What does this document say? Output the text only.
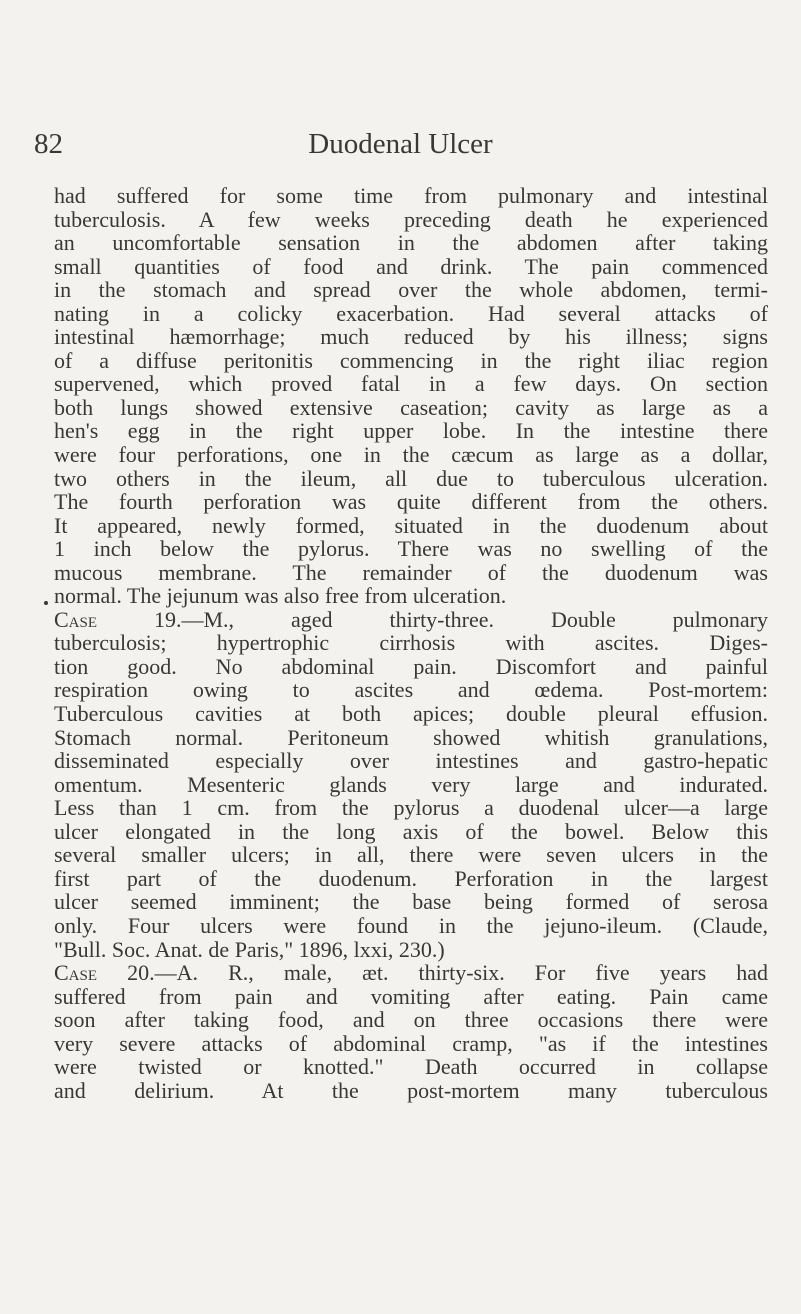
82	Duodenal Ulcer
had suffered for some time from pulmonary and intestinal
tuberculosis. A few weeks preceding death he experienced
an uncomfortable sensation in the abdomen after taking
small quantities of food and drink. The pain commenced
in the stomach and spread over the whole abdomen, termi-
nating in a colicky exacerbation. Had several attacks of
intestinal hæmorrhage; much reduced by his illness; signs
of a diffuse peritonitis commencing in the right iliac region
supervened, which proved fatal in a few days. On section
both lungs showed extensive caseation; cavity as large as a
hen's egg in the right upper lobe. In the intestine there
were four perforations, one in the cæcum as large as a dollar,
two others in the ileum, all due to tuberculous ulceration.
The fourth perforation was quite different from the others.
It appeared, newly formed, situated in the duodenum about
1 inch below the pylorus. There was no swelling of the
mucous membrane. The remainder of the duodenum was
normal. The jejunum was also free from ulceration.
Case 19.—M., aged thirty-three. Double pulmonary
tuberculosis; hypertrophic cirrhosis with ascites. Diges-
tion good. No abdominal pain. Discomfort and painful
respiration owing to ascites and œdema. Post-mortem:
Tuberculous cavities at both apices; double pleural effusion.
Stomach normal. Peritoneum showed whitish granulations,
disseminated especially over intestines and gastro-hepatic
omentum. Mesenteric glands very large and indurated.
Less than 1 cm. from the pylorus a duodenal ulcer—a large
ulcer elongated in the long axis of the bowel. Below this
several smaller ulcers; in all, there were seven ulcers in the
first part of the duodenum. Perforation in the largest
ulcer seemed imminent; the base being formed of serosa
only. Four ulcers were found in the jejuno-ileum. (Claude,
"Bull. Soc. Anat. de Paris," 1896, lxxi, 230.)
Case 20.—A. R., male, æt. thirty-six. For five years had
suffered from pain and vomiting after eating. Pain came
soon after taking food, and on three occasions there were
very severe attacks of abdominal cramp, "as if the intestines
were twisted or knotted." Death occurred in collapse
and delirium. At the post-mortem many tuberculous
